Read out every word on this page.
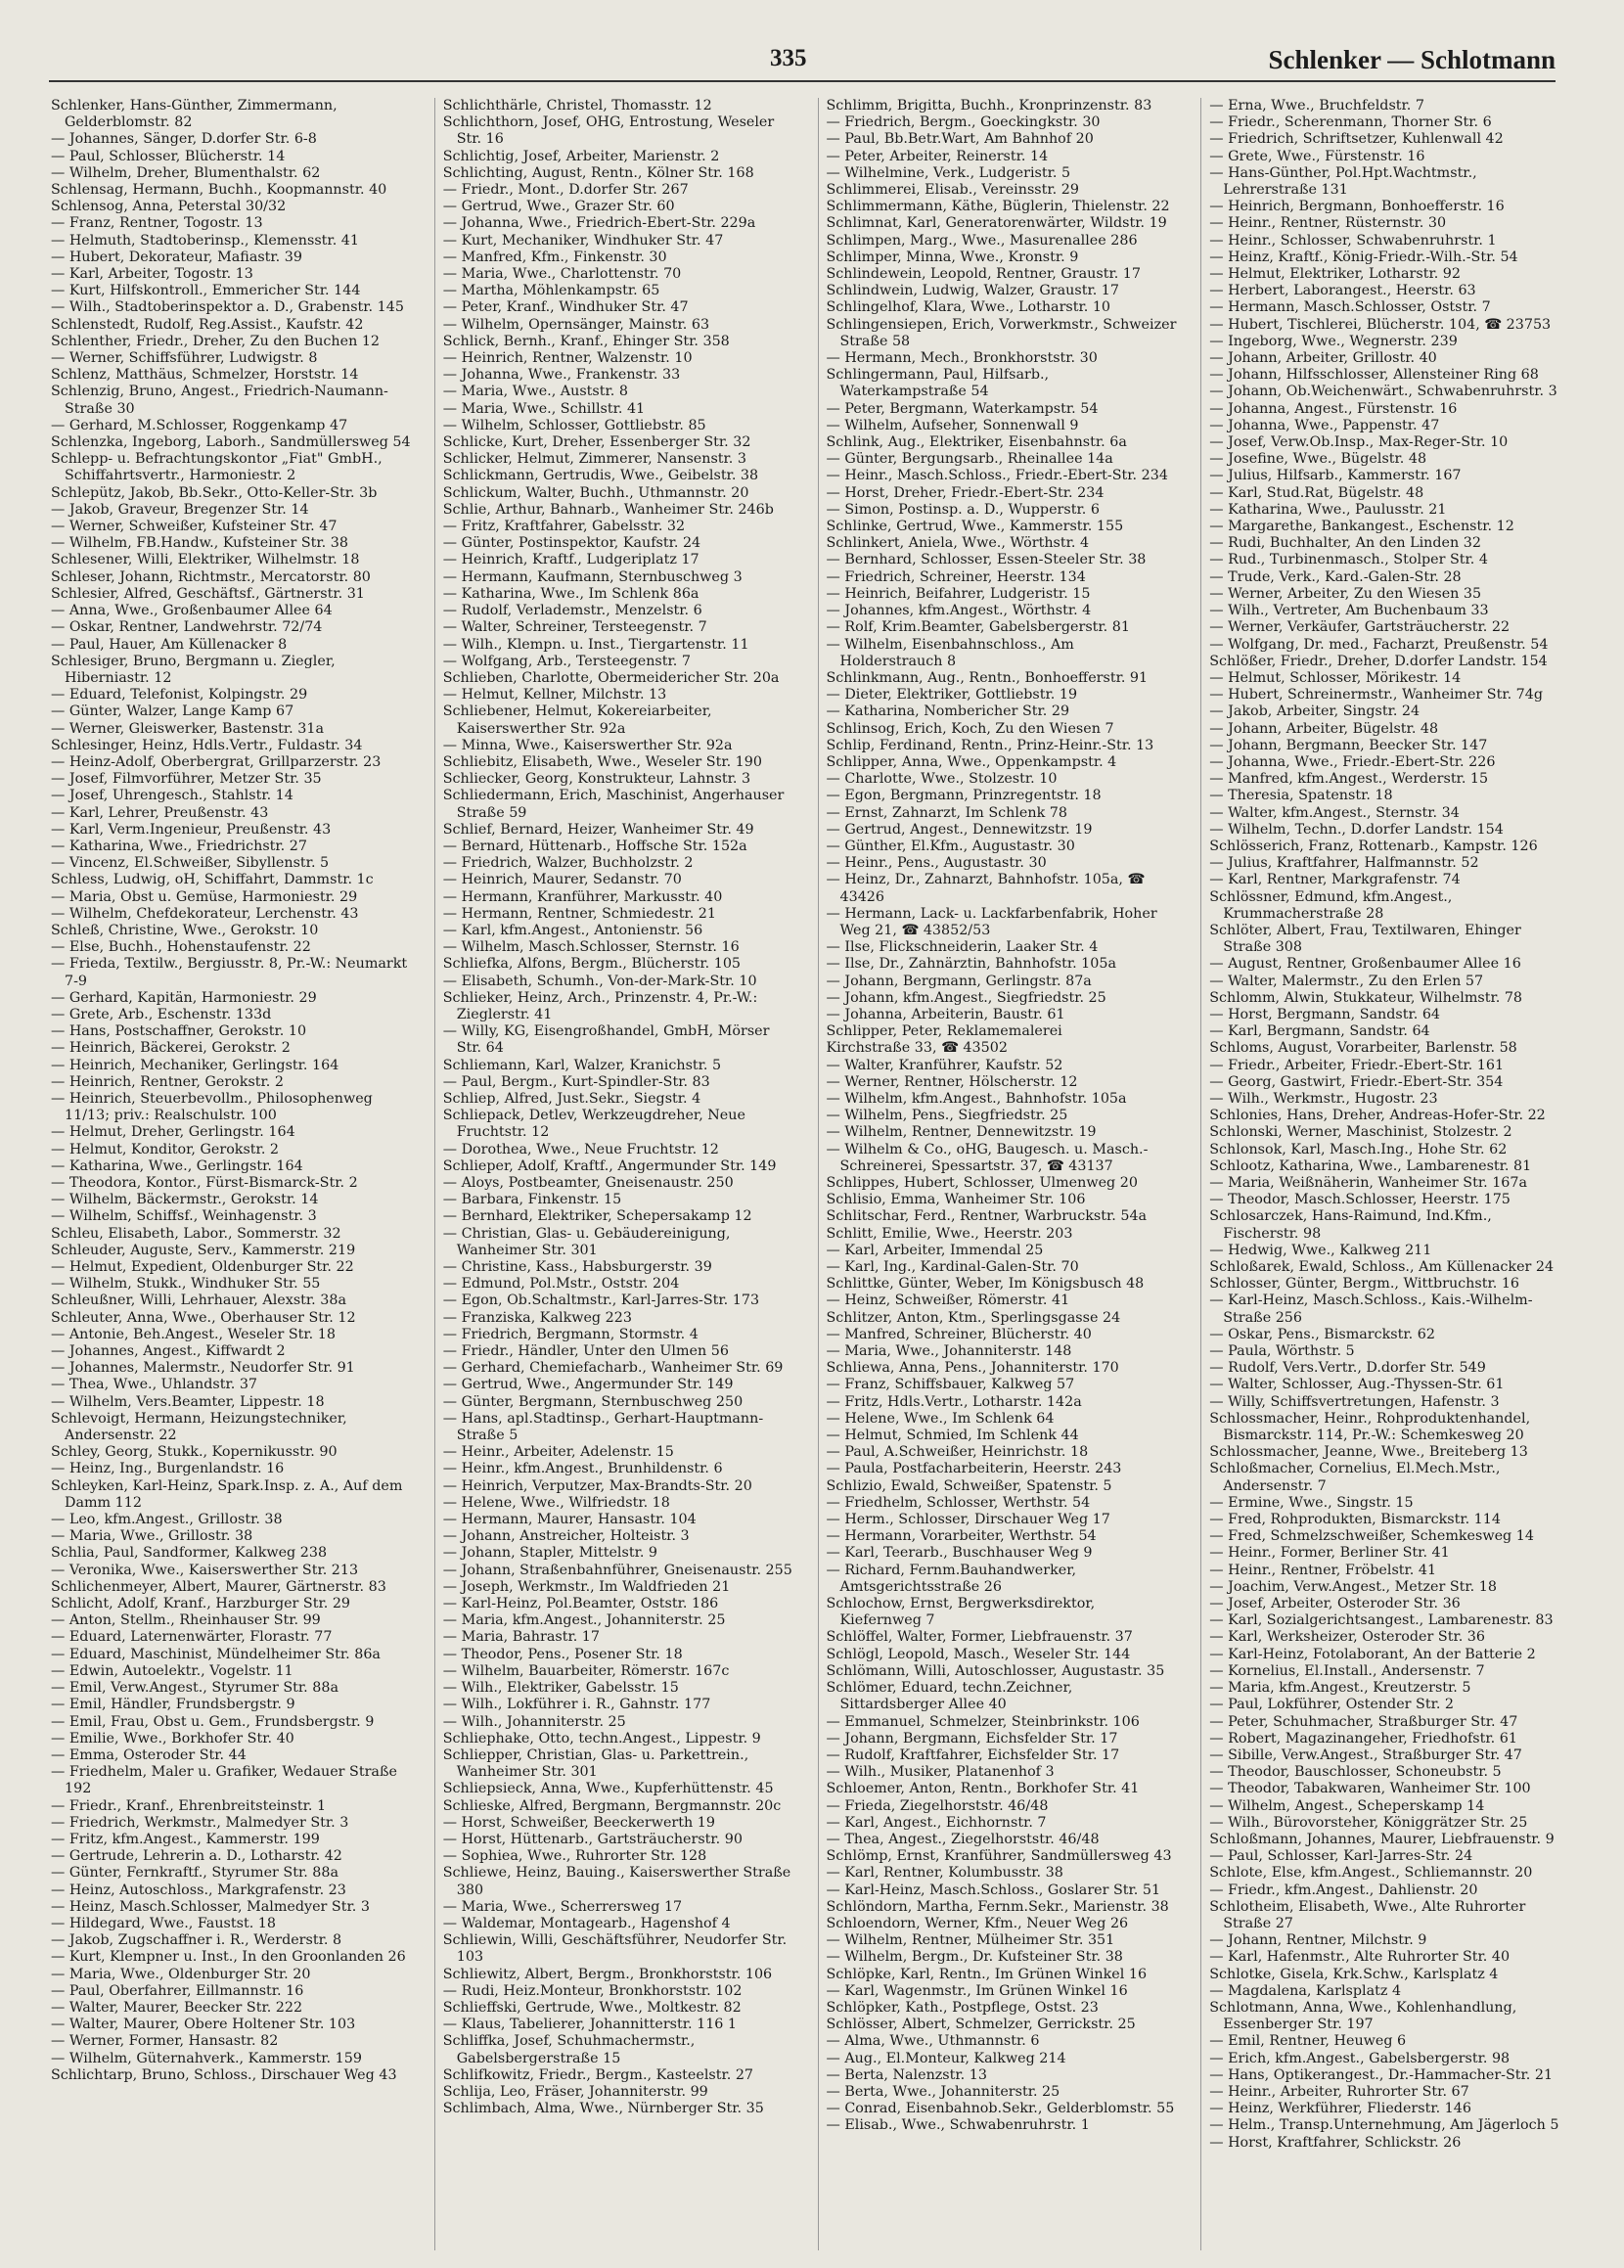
335	Schlenker — Schlotmann
Schlenker, Hans-Günther, Zimmermann, Gelderblomstr. 82
— Johannes, Sänger, D.dorfer Str. 6-8
— Paul, Schlosser, Blücherstr. 14
— Wilhelm, Dreher, Blumenthalstr. 62
Schlensag, Hermann, Buchh., Koopmannstr. 40
Schlensog, Anna, Peterstal 30/32
— Franz, Rentner, Togostr. 13
— Helmuth, Stadtoberinsp., Klemensstr. 41
— Hubert, Dekorateur, Mafiastr. 39
— Karl, Arbeiter, Togostr. 13
— Kurt, Hilfskontroll., Emmericher Str. 144
— Wilh., Stadtoberinspektor a. D., Grabenstr. 145
Schlenstedt, Rudolf, Reg.Assist., Kaufstr. 42
Schlenther, Friedr., Dreher, Zu den Buchen 12
— Werner, Schiffsführer, Ludwigstr. 8
Schlenz, Matthäus, Schmelzer, Horststr. 14
Schlenzig, Bruno, Angest., Friedrich-Naumann-Straße 30
— Gerhard, M.Schlosser, Roggenkamp 47
Schlenzka, Ingeborg, Laborh., Sandmüllersweg 54
Schlepp- u. Befrachtungskontor „Fiat" GmbH., Schiffahrtsvertr., Harmoniestr. 2
Schlepütz, Jakob, Bb.Sekr., Otto-Keller-Str. 3b
— Jakob, Graveur, Bregenzer Str. 14
— Werner, Schweißer, Kufsteiner Str. 47
— Wilhelm, FB.Handw., Kufsteiner Str. 38
Schlesener, Willi, Elektriker, Wilhelmstr. 18
Schleser, Johann, Richtmstr., Mercatorstr. 80
Schlesier, Alfred, Geschäftsf., Gärtnerstr. 31
— Anna, Wwe., Großenbaumer Allee 64
— Oskar, Rentner, Landwehrstr. 72/74
— Paul, Hauer, Am Küllenacker 8
Schlesiger, Bruno, Bergmann u. Ziegler, Hiberniastr. 12
— Eduard, Telefonist, Kolpingstr. 29
— Günter, Walzer, Lange Kamp 67
— Werner, Gleiswerker, Bastenstr. 31a
Schlesinger, Heinz, Hdls.Vertr., Fuldastr. 34
— Heinz-Adolf, Oberbergrat, Grillparzerstr. 23
— Josef, Filmvorführer, Metzer Str. 35
— Josef, Uhrengesch., Stahlstr. 14
— Karl, Lehrer, Preußenstr. 43
— Karl, Verm.Ingenieur, Preußenstr. 43
— Katharina, Wwe., Friedrichstr. 27
— Vincenz, El.Schweißer, Sibyllenstr. 5
Schless, Ludwig, oH, Schiffahrt, Dammstr. 1c
— Maria, Obst u. Gemüse, Harmoniestr. 29
— Wilhelm, Chefdekorateur, Lerchenstr. 43
Schleß, Christine, Wwe., Gerokstr. 10
— Else, Buchh., Hohenstaufenstr. 22
— Frieda, Textilw., Bergiusstr. 8, Pr.-W.: Neumarkt 7-9
— Gerhard, Kapitän, Harmoniestr. 29
— Grete, Arb., Eschenstr. 133d
— Hans, Postschaffner, Gerokstr. 10
— Heinrich, Bäckerei, Gerokstr. 2
— Heinrich, Mechaniker, Gerlingstr. 164
— Heinrich, Rentner, Gerokstr. 2
— Heinrich, Steuerbevollm., Philosophenweg 11/13; priv.: Realschulstr. 100
— Helmut, Dreher, Gerlingstr. 164
— Helmut, Konditor, Gerokstr. 2
— Katharina, Wwe., Gerlingstr. 164
— Theodora, Kontor., Fürst-Bismarck-Str. 2
— Wilhelm, Bäckermstr., Gerokstr. 14
— Wilhelm, Schiffsf., Weinhagenstr. 3
Schleu, Elisabeth, Labor., Sommerstr. 32
Schleuder, Auguste, Serv., Kammerstr. 219
— Helmut, Expedient, Oldenburger Str. 22
— Wilhelm, Stukk., Windhuker Str. 55
Schleußner, Willi, Lehrhauer, Alexstr. 38a
Schleuter, Anna, Wwe., Oberhauser Str. 12
— Antonie, Beh.Angest., Weseler Str. 18
— Johannes, Angest., Kiffwardt 2
— Johannes, Malermstr., Neudorfer Str. 91
— Thea, Wwe., Uhlandstr. 37
— Wilhelm, Vers.Beamter, Lippestr. 18
Schlevoigt, Hermann, Heizungstechniker, Andersenstr. 22
Schley, Georg, Stukk., Kopernikusstr. 90
— Heinz, Ing., Burgenlandstr. 16
Schleyken, Karl-Heinz, Spark.Insp. z. A., Auf dem Damm 112
— Leo, kfm.Angest., Grillostr. 38
— Maria, Wwe., Grillostr. 38
Schlia, Paul, Sandformer, Kalkweg 238
— Veronika, Wwe., Kaiserswerther Str. 213
Schlichenmeyer, Albert, Maurer, Gärtnerstr. 83
Schlicht, Adolf, Kranf., Harzburger Str. 29
— Anton, Stellm., Rheinhauser Str. 99
— Eduard, Laternenwärter, Florastr. 77
— Eduard, Maschinist, Mündelheimer Str. 86a
— Edwin, Autoelektr., Vogelstr. 11
— Emil, Verw.Angest., Styrumer Str. 88a
— Emil, Händler, Frundsbergstr. 9
— Emil, Frau, Obst u. Gem., Frundsbergstr. 9
— Emilie, Wwe., Borkhofer Str. 40
— Emma, Osteroder Str. 44
— Friedhelm, Maler u. Grafiker, Wedauer Straße 192
— Friedr., Kranf., Ehrenbreitsteinstr. 1
— Friedrich, Werkmstr., Malmedyer Str. 3
— Fritz, kfm.Angest., Kammerstr. 199
— Gertrude, Lehrerin a. D., Lotharstr. 42
— Günter, Fernkraftf., Styrumer Str. 88a
— Heinz, Autoschloss., Markgrafenstr. 23
— Heinz, Masch.Schlosser, Malmedyer Str. 3
— Hildegard, Wwe., Faustst. 18
— Jakob, Zugschaffner i. R., Werderstr. 8
— Kurt, Klempner u. Inst., In den Groonlanden 26
— Maria, Wwe., Oldenburger Str. 20
— Paul, Oberfahrer, Eillmannstr. 16
— Walter, Maurer, Beecker Str. 222
— Walter, Maurer, Obere Holtener Str. 103
— Werner, Former, Hansastr. 82
— Wilhelm, Güternahverk., Kammerstr. 159
Schlichtarp, Bruno, Schloss., Dirschauer Weg 43
Schlichthärle, Christel, Thomasstr. 12
Schlichthorn, Josef, OHG, Entrostung, Weseler Str. 16
Schlichtig, Josef, Arbeiter, Marienstr. 2
Schlichting, August, Rentn., Kölner Str. 168
— Friedr., Mont., D.dorfer Str. 267
— Gertrud, Wwe., Grazer Str. 60
— Johanna, Wwe., Friedrich-Ebert-Str. 229a
— Kurt, Mechaniker, Windhuker Str. 47
— Manfred, Kfm., Finkenstr. 30
— Maria, Wwe., Charlottenstr. 70
— Martha, Möhlenkampstr. 65
— Peter, Kranf., Windhuker Str. 47
— Wilhelm, Opernsänger, Mainstr. 63
Schlick, Bernh., Kranf., Ehinger Str. 358
— Heinrich, Rentner, Walzenstr. 10
— Johanna, Wwe., Frankenstr. 33
— Maria, Wwe., Auststr. 8
— Maria, Wwe., Schillstr. 41
— Wilhelm, Schlosser, Gottliebstr. 85
Schlicke, Kurt, Dreher, Essenberger Str. 32
Schlicker, Helmut, Zimmerer, Nansenstr. 3
Schlickmann, Gertrudis, Wwe., Geibelstr. 38
Schlickum, Walter, Buchh., Uthmannstr. 20
Schlie, Arthur, Bahnarb., Wanheimer Str. 246b
— Fritz, Kraftfahrer, Gabelsstr. 32
— Günter, Postinspektor, Kaufstr. 24
— Heinrich, Kraftf., Ludgeriplatz 17
— Hermann, Kaufmann, Sternbuschweg 3
— Katharina, Wwe., Im Schlenk 86a
— Rudolf, Verlademstr., Menzelstr. 6
— Walter, Schreiner, Tersteegenstr. 7
— Wilh., Klempn. u. Inst., Tiergartenstr. 11
— Wolfgang, Arb., Tersteegenstr. 7
Schlieben, Charlotte, Obermeidericher Str. 20a
— Helmut, Kellner, Milchstr. 13
Schliebener, Helmut, Kokereiarbeiter, Kaiserswerther Str. 92a
— Minna, Wwe., Kaiserswerther Str. 92a
Schliebitz, Elisabeth, Wwe., Weseler Str. 190
Schliecker, Georg, Konstrukteur, Lahnstr. 3
Schliedermann, Erich, Maschinist, Angerhauser Straße 59
Schlief, Bernard, Heizer, Wanheimer Str. 49
— Bernard, Hüttenarb., Hoffsche Str. 152a
— Friedrich, Walzer, Buchholzstr. 2
— Heinrich, Maurer, Sedanstr. 70
— Hermann, Kranführer, Markusstr. 40
— Hermann, Rentner, Schmiedestr. 21
— Karl, kfm.Angest., Antonienstr. 56
— Wilhelm, Masch.Schlosser, Sternstr. 16
Schliefka, Alfons, Bergm., Blücherstr. 105
— Elisabeth, Schumh., Von-der-Mark-Str. 10
Schlieker, Heinz, Arch., Prinzenstr. 4, Pr.-W.: Zieglerstr. 41
— Willy, KG, Eisengroßhandel, GmbH, Mörser Str. 64
Schliemann, Karl, Walzer, Kranichstr. 5
— Paul, Bergm., Kurt-Spindler-Str. 83
Schliep, Alfred, Just.Sekr., Siegstr. 4
Schliepack, Detlev, Werkzeugdreher, Neue Fruchtstr. 12
— Dorothea, Wwe., Neue Fruchtstr. 12
Schlieper, Adolf, Kraftf., Angermunder Str. 149
— Aloys, Postbeamter, Gneisenaustr. 250
— Barbara, Finkenstr. 15
— Bernhard, Elektriker, Schepersakamp 12
— Christian, Glas- u. Gebäudereinigung, Wanheimer Str. 301
— Christine, Kass., Habsburgerstr. 39
— Edmund, Pol.Mstr., Oststr. 204
— Egon, Ob.Schaltmstr., Karl-Jarres-Str. 173
— Franziska, Kalkweg 223
— Friedrich, Bergmann, Stormstr. 4
— Friedr., Händler, Unter den Ulmen 56
— Gerhard, Chemiefacharb., Wanheimer Str. 69
— Gertrud, Wwe., Angermunder Str. 149
— Günter, Bergmann, Sternbuschweg 250
— Hans, apl.Stadtinsp., Gerhart-Hauptmann-Straße 5
— Heinr., Arbeiter, Adelenstr. 15
— Heinr., kfm.Angest., Brunhildenstr. 6
— Heinrich, Verputzer, Max-Brandts-Str. 20
— Helene, Wwe., Wilfriedstr. 18
— Hermann, Maurer, Hansastr. 104
— Johann, Anstreicher, Holteistr. 3
— Johann, Stapler, Mittelstr. 9
— Johann, Straßenbahnführer, Gneisenaustr. 255
— Joseph, Werkmstr., Im Waldfrieden 21
— Karl-Heinz, Pol.Beamter, Oststr. 186
— Maria, kfm.Angest., Johanniterstr. 25
— Maria, Bahrastr. 17
— Theodor, Pens., Posener Str. 18
— Wilhelm, Bauarbeiter, Römerstr. 167c
— Wilh., Elektriker, Gabelsstr. 15
— Wilh., Lokführer i. R., Gahnstr. 177
— Wilh., Johanniterstr. 25
Schliephake, Otto, techn.Angest., Lippestr. 9
Schliepper, Christian, Glas- u. Parkettrein., Wanheimer Str. 301
Schliepsieck, Anna, Wwe., Kupferhüttenstr. 45
Schlieske, Alfred, Bergmann, Bergmannstr. 20c
— Horst, Schweißer, Beeckerwerth 19
— Horst, Hüttenarb., Gartsträucherstr. 90
— Sophiea, Wwe., Ruhrorter Str. 128
Schliewe, Heinz, Bauing., Kaiserswerther Straße 380
— Maria, Wwe., Scherrersweg 17
— Waldemar, Montagearb., Hagenshof 4
Schliewin, Willi, Geschäftsführer, Neudorfer Str. 103
Schliewitz, Albert, Bergm., Bronkhorststr. 106
— Rudi, Heiz.Monteur, Bronkhorststr. 102
Schlieffski, Gertrude, Wwe., Moltkestr. 82
— Klaus, Tabelierer, Johannitterstr. 116 1
Schliffka, Josef, Schuhmachermstr., Gabelsbergerstraße 15
Schlifkowitz, Friedr., Bergm., Kasteelstr. 27
Schlija, Leo, Fräser, Johanniterstr. 99
Schlimbach, Alma, Wwe., Nürnberger Str. 35
Schlimm, Brigitta, Buchh., Kronprinzenstr. 83
— Friedrich, Bergm., Goeckingkstr. 30
— Paul, Bb.Betr.Wart, Am Bahnhof 20
— Peter, Arbeiter, Reinerstr. 14
— Wilhelmine, Verk., Ludgeristr. 5
Schlimmerei, Elisab., Vereinsstr. 29
Schlimmermann, Käthe, Büglerin, Thielenstr. 22
Schlimnat, Karl, Generatorenwärter, Wildstr. 19
Schlimpen, Marg., Wwe., Masurenallee 286
Schlimper, Minna, Wwe., Kronstr. 9
Schlindewein, Leopold, Rentner, Graustr. 17
Schlindwein, Ludwig, Walzer, Graustr. 17
Schlingelhof, Klara, Wwe., Lotharstr. 10
Schlingensiepen, Erich, Vorwerkmstr., Schweizer Straße 58
— Hermann, Mech., Bronkhorststr. 30
Schlingermann, Paul, Hilfsarb., Waterkampstraße 54
— Peter, Bergmann, Waterkampstr. 54
— Wilhelm, Aufseher, Sonnenwall 9
Schlink, Aug., Elektriker, Eisenbahnstr. 6a
— Günter, Bergungsarb., Rheinallee 14a
— Heinr., Masch.Schloss., Friedr.-Ebert-Str. 234
— Horst, Dreher, Friedr.-Ebert-Str. 234
— Simon, Postinsp. a. D., Wupperstr. 6
Schlinke, Gertrud, Wwe., Kammerstr. 155
Schlinkert, Aniela, Wwe., Wörthstr. 4
— Bernhard, Schlosser, Essen-Steeler Str. 38
— Friedrich, Schreiner, Heerstr. 134
— Heinrich, Beifahrer, Ludgeristr. 15
— Johannes, kfm.Angest., Wörthstr. 4
— Rolf, Krim.Beamter, Gabelsbergerstr. 81
— Wilhelm, Eisenbahnschloss., Am Holderstrauch 8
Schlinkmann, Aug., Rentn., Bonhoefferstr. 91
— Dieter, Elektriker, Gottliebstr. 19
— Katharina, Nombericher Str. 29
Schlinsog, Erich, Koch, Zu den Wiesen 7
Schlip, Ferdinand, Rentn., Prinz-Heinr.-Str. 13
Schlipper, Anna, Wwe., Oppenkampstr. 4
— Charlotte, Wwe., Stolzestr. 10
— Egon, Bergmann, Prinzregentstr. 18
— Ernst, Zahnarzt, Im Schlenk 78
— Gertrud, Angest., Dennewitzstr. 19
— Günther, El.Kfm., Augustastr. 30
— Heinr., Pens., Augustastr. 30
— Heinz, Dr., Zahnarzt, Bahnhofstr. 105a, ☎ 43426
— Hermann, Lack- u. Lackfarbenfabrik, Hoher Weg 21, ☎ 43852/53
— Ilse, Flickschneiderin, Laaker Str. 4
— Ilse, Dr., Zahnärztin, Bahnhofstr. 105a
— Johann, Bergmann, Gerlingstr. 87a
— Johann, kfm.Angest., Siegfriedstr. 25
— Johanna, Arbeiterin, Baustr. 61
Schlipper, Peter, Reklamemalerei
Kirchstraße 33, ☎ 43502
— Walter, Kranführer, Kaufstr. 52
— Werner, Rentner, Hölscherstr. 12
— Wilhelm, kfm.Angest., Bahnhofstr. 105a
— Wilhelm, Pens., Siegfriedstr. 25
— Wilhelm, Rentner, Dennewitzstr. 19
— Wilhelm & Co., oHG, Baugesch. u. Masch.-Schreinerei, Spessartstr. 37, ☎ 43137
Schlippes, Hubert, Schlosser, Ulmenweg 20
Schlisio, Emma, Wanheimer Str. 106
Schlitschar, Ferd., Rentner, Warbruckstr. 54a
Schlitt, Emilie, Wwe., Heerstr. 203
— Karl, Arbeiter, Immendal 25
— Karl, Ing., Kardinal-Galen-Str. 70
Schlittke, Günter, Weber, Im Königsbusch 48
— Heinz, Schweißer, Römerstr. 41
Schlitzer, Anton, Ktm., Sperlingsgasse 24
— Manfred, Schreiner, Blücherstr. 40
— Maria, Wwe., Johanniterstr. 148
Schliewa, Anna, Pens., Johanniterstr. 170
— Franz, Schiffsbauer, Kalkweg 57
— Fritz, Hdls.Vertr., Lotharstr. 142a
— Helene, Wwe., Im Schlenk 64
— Helmut, Schmied, Im Schlenk 44
— Paul, A.Schweißer, Heinrichstr. 18
— Paula, Postfacharbeiterin, Heerstr. 243
Schlizio, Ewald, Schweißer, Spatenstr. 5
— Friedhelm, Schlosser, Werthstr. 54
— Herm., Schlosser, Dirschauer Weg 17
— Hermann, Vorarbeiter, Werthstr. 54
— Karl, Teerarb., Buschhauser Weg 9
— Richard, Fernm.Bauhandwerker, Amtsgerichtsstraße 26
Schlochow, Ernst, Bergwerksdirektor, Kiefernweg 7
Schlöffel, Walter, Former, Liebfrauenstr. 37
Schlögl, Leopold, Masch., Weseler Str. 144
Schlömann, Willi, Autoschlosser, Augustastr. 35
Schlömer, Eduard, techn.Zeichner, Sittardsberger Allee 40
— Emmanuel, Schmelzer, Steinbrinkstr. 106
— Johann, Bergmann, Eichsfelder Str. 17
— Rudolf, Kraftfahrer, Eichsfelder Str. 17
— Wilh., Musiker, Platanenhof 3
Schloemer, Anton, Rentn., Borkhofer Str. 41
— Frieda, Ziegelhorststr. 46/48
— Karl, Angest., Eichhornstr. 7
— Thea, Angest., Ziegelhorststr. 46/48
Schlömp, Ernst, Kranführer, Sandmüllersweg 43
— Karl, Rentner, Kolumbusstr. 38
— Karl-Heinz, Masch.Schloss., Goslarer Str. 51
Schlöndorn, Martha, Fernm.Sekr., Marienstr. 38
Schloendorn, Werner, Kfm., Neuer Weg 26
— Wilhelm, Rentner, Mülheimer Str. 351
— Wilhelm, Bergm., Dr. Kufsteiner Str. 38
Schlöpke, Karl, Rentn., Im Grünen Winkel 16
— Karl, Wagenmstr., Im Grünen Winkel 16
Schlöpker, Kath., Postpflege, Ostst. 23
Schlösser, Albert, Schmelzer, Gerrickstr. 25
— Alma, Wwe., Uthmannstr. 6
— Aug., El.Monteur, Kalkweg 214
— Berta, Nalenzstr. 13
— Berta, Wwe., Johanniterstr. 25
— Conrad, Eisenbahnob.Sekr., Gelderblomstr. 55
— Elisab., Wwe., Schwabenruhrstr. 1
— Erna, Wwe., Bruchfeldstr. 7
— Friedr., Scherenmann, Thorner Str. 6
— Friedrich, Schriftsetzer, Kuhlenwall 42
— Grete, Wwe., Fürstenstr. 16
— Hans-Günther, Pol.Hpt.Wachtmstr., Lehrerstraße 131
— Heinrich, Bergmann, Bonhoefferstr. 16
— Heinr., Rentner, Rüsternstr. 30
— Heinr., Schlosser, Schwabenruhrstr. 1
— Heinz, Kraftf., König-Friedr.-Wilh.-Str. 54
— Helmut, Elektriker, Lotharstr. 92
— Herbert, Laborangest., Heerstr. 63
— Hermann, Masch.Schlosser, Oststr. 7
— Hubert, Tischlerei, Blücherstr. 104, ☎ 23753
— Ingeborg, Wwe., Wegnerstr. 239
— Johann, Arbeiter, Grillostr. 40
— Johann, Hilfsschlosser, Allensteiner Ring 68
— Johann, Ob.Weichenwärt., Schwabenruhrstr. 3
— Johanna, Angest., Fürstenstr. 16
— Johanna, Wwe., Pappenstr. 47
— Josef, Verw.Ob.Insp., Max-Reger-Str. 10
— Josefine, Wwe., Bügelstr. 48
— Julius, Hilfsarb., Kammerstr. 167
— Karl, Stud.Rat, Bügelstr. 48
— Katharina, Wwe., Paulusstr. 21
— Margarethe, Bankangest., Eschenstr. 12
— Rudi, Buchhalter, An den Linden 32
— Rud., Turbinenmasch., Stolper Str. 4
— Trude, Verk., Kard.-Galen-Str. 28
— Werner, Arbeiter, Zu den Wiesen 35
— Wilh., Vertreter, Am Buchenbaum 33
— Werner, Verkäufer, Gartsträucherstr. 22
— Wolfgang, Dr. med., Facharzt, Preußenstr. 54
Schlößer, Friedr., Dreher, D.dorfer Landstr. 154
— Helmut, Schlosser, Mörikestr. 14
— Hubert, Schreinermstr., Wanheimer Str. 74g
— Jakob, Arbeiter, Singstr. 24
— Johann, Arbeiter, Bügelstr. 48
— Johann, Bergmann, Beecker Str. 147
— Johanna, Wwe., Friedr.-Ebert-Str. 226
— Manfred, kfm.Angest., Werderstr. 15
— Theresia, Spatenstr. 18
— Walter, kfm.Angest., Sternstr. 34
— Wilhelm, Techn., D.dorfer Landstr. 154
Schlösserich, Franz, Rottenarb., Kampstr. 126
— Julius, Kraftfahrer, Halfmannstr. 52
— Karl, Rentner, Markgrafenstr. 74
Schlössner, Edmund, kfm.Angest., Krummacherstraße 28
Schlöter, Albert, Frau, Textilwaren, Ehinger Straße 308
— August, Rentner, Großenbaumer Allee 16
— Walter, Malermstr., Zu den Erlen 57
Schlomm, Alwin, Stukkateur, Wilhelmstr. 78
— Horst, Bergmann, Sandstr. 64
— Karl, Bergmann, Sandstr. 64
Schloms, August, Vorarbeiter, Barlenstr. 58
— Friedr., Arbeiter, Friedr.-Ebert-Str. 161
— Georg, Gastwirt, Friedr.-Ebert-Str. 354
— Wilh., Werkmstr., Hugostr. 23
Schlonies, Hans, Dreher, Andreas-Hofer-Str. 22
Schlonski, Werner, Maschinist, Stolzestr. 2
Schlonsok, Karl, Masch.Ing., Hohe Str. 62
Schlootz, Katharina, Wwe., Lambarenestr. 81
— Maria, Weißnäherin, Wanheimer Str. 167a
— Theodor, Masch.Schlosser, Heerstr. 175
Schlosarczek, Hans-Raimund, Ind.Kfm., Fischerstr. 98
— Hedwig, Wwe., Kalkweg 211
Schloßarek, Ewald, Schloss., Am Küllenacker 24
Schlosser, Günter, Bergm., Wittbruchstr. 16
— Karl-Heinz, Masch.Schloss., Kais.-Wilhelm-Straße 256
— Oskar, Pens., Bismarckstr. 62
— Paula, Wörthstr. 5
— Rudolf, Vers.Vertr., D.dorfer Str. 549
— Walter, Schlosser, Aug.-Thyssen-Str. 61
— Willy, Schiffsvertretungen, Hafenstr. 3
Schlossmacher, Heinr., Rohproduktenhandel, Bismarckstr. 114, Pr.-W.: Schemkesweg 20
Schlossmacher, Jeanne, Wwe., Breiteberg 13
Schloßmacher, Cornelius, El.Mech.Mstr., Andersenstr. 7
— Ermine, Wwe., Singstr. 15
— Fred, Rohprodukten, Bismarckstr. 114
— Fred, Schmelzschweißer, Schemkesweg 14
— Heinr., Former, Berliner Str. 41
— Heinr., Rentner, Fröbelstr. 41
— Joachim, Verw.Angest., Metzer Str. 18
— Josef, Arbeiter, Osteroder Str. 36
— Karl, Sozialgerichtsangest., Lambarenestr. 83
— Karl, Werksheizer, Osteroder Str. 36
— Karl-Heinz, Fotolaborant, An der Batterie 2
— Kornelius, El.Install., Andersenstr. 7
— Maria, kfm.Angest., Kreutzerstr. 5
— Paul, Lokführer, Ostender Str. 2
— Peter, Schuhmacher, Straßburger Str. 47
— Robert, Magazinangeher, Friedhofstr. 61
— Sibille, Verw.Angest., Straßburger Str. 47
— Theodor, Bauschlosser, Schoneubstr. 5
— Theodor, Tabakwaren, Wanheimer Str. 100
— Wilhelm, Angest., Scheperskamp 14
— Wilh., Bürovorsteher, Königgrätzer Str. 25
Schloßmann, Johannes, Maurer, Liebfrauenstr. 9
— Paul, Schlosser, Karl-Jarres-Str. 24
Schlote, Else, kfm.Angest., Schliemannstr. 20
— Friedr., kfm.Angest., Dahlienstr. 20
Schlotheim, Elisabeth, Wwe., Alte Ruhrorter Straße 27
— Johann, Rentner, Milchstr. 9
— Karl, Hafenmstr., Alte Ruhrorter Str. 40
Schlotke, Gisela, Krk.Schw., Karlsplatz 4
— Magdalena, Karlsplatz 4
Schlotmann, Anna, Wwe., Kohlenhandlung, Essenberger Str. 197
— Emil, Rentner, Heuweg 6
— Erich, kfm.Angest., Gabelsbergerstr. 98
— Hans, Optikerangest., Dr.-Hammacher-Str. 21
— Heinr., Arbeiter, Ruhrorter Str. 67
— Heinz, Werkführer, Fliederstr. 146
— Helm., Transp.Unternehmung, Am Jägerloch 5
— Horst, Kraftfahrer, Schlickstr. 26
